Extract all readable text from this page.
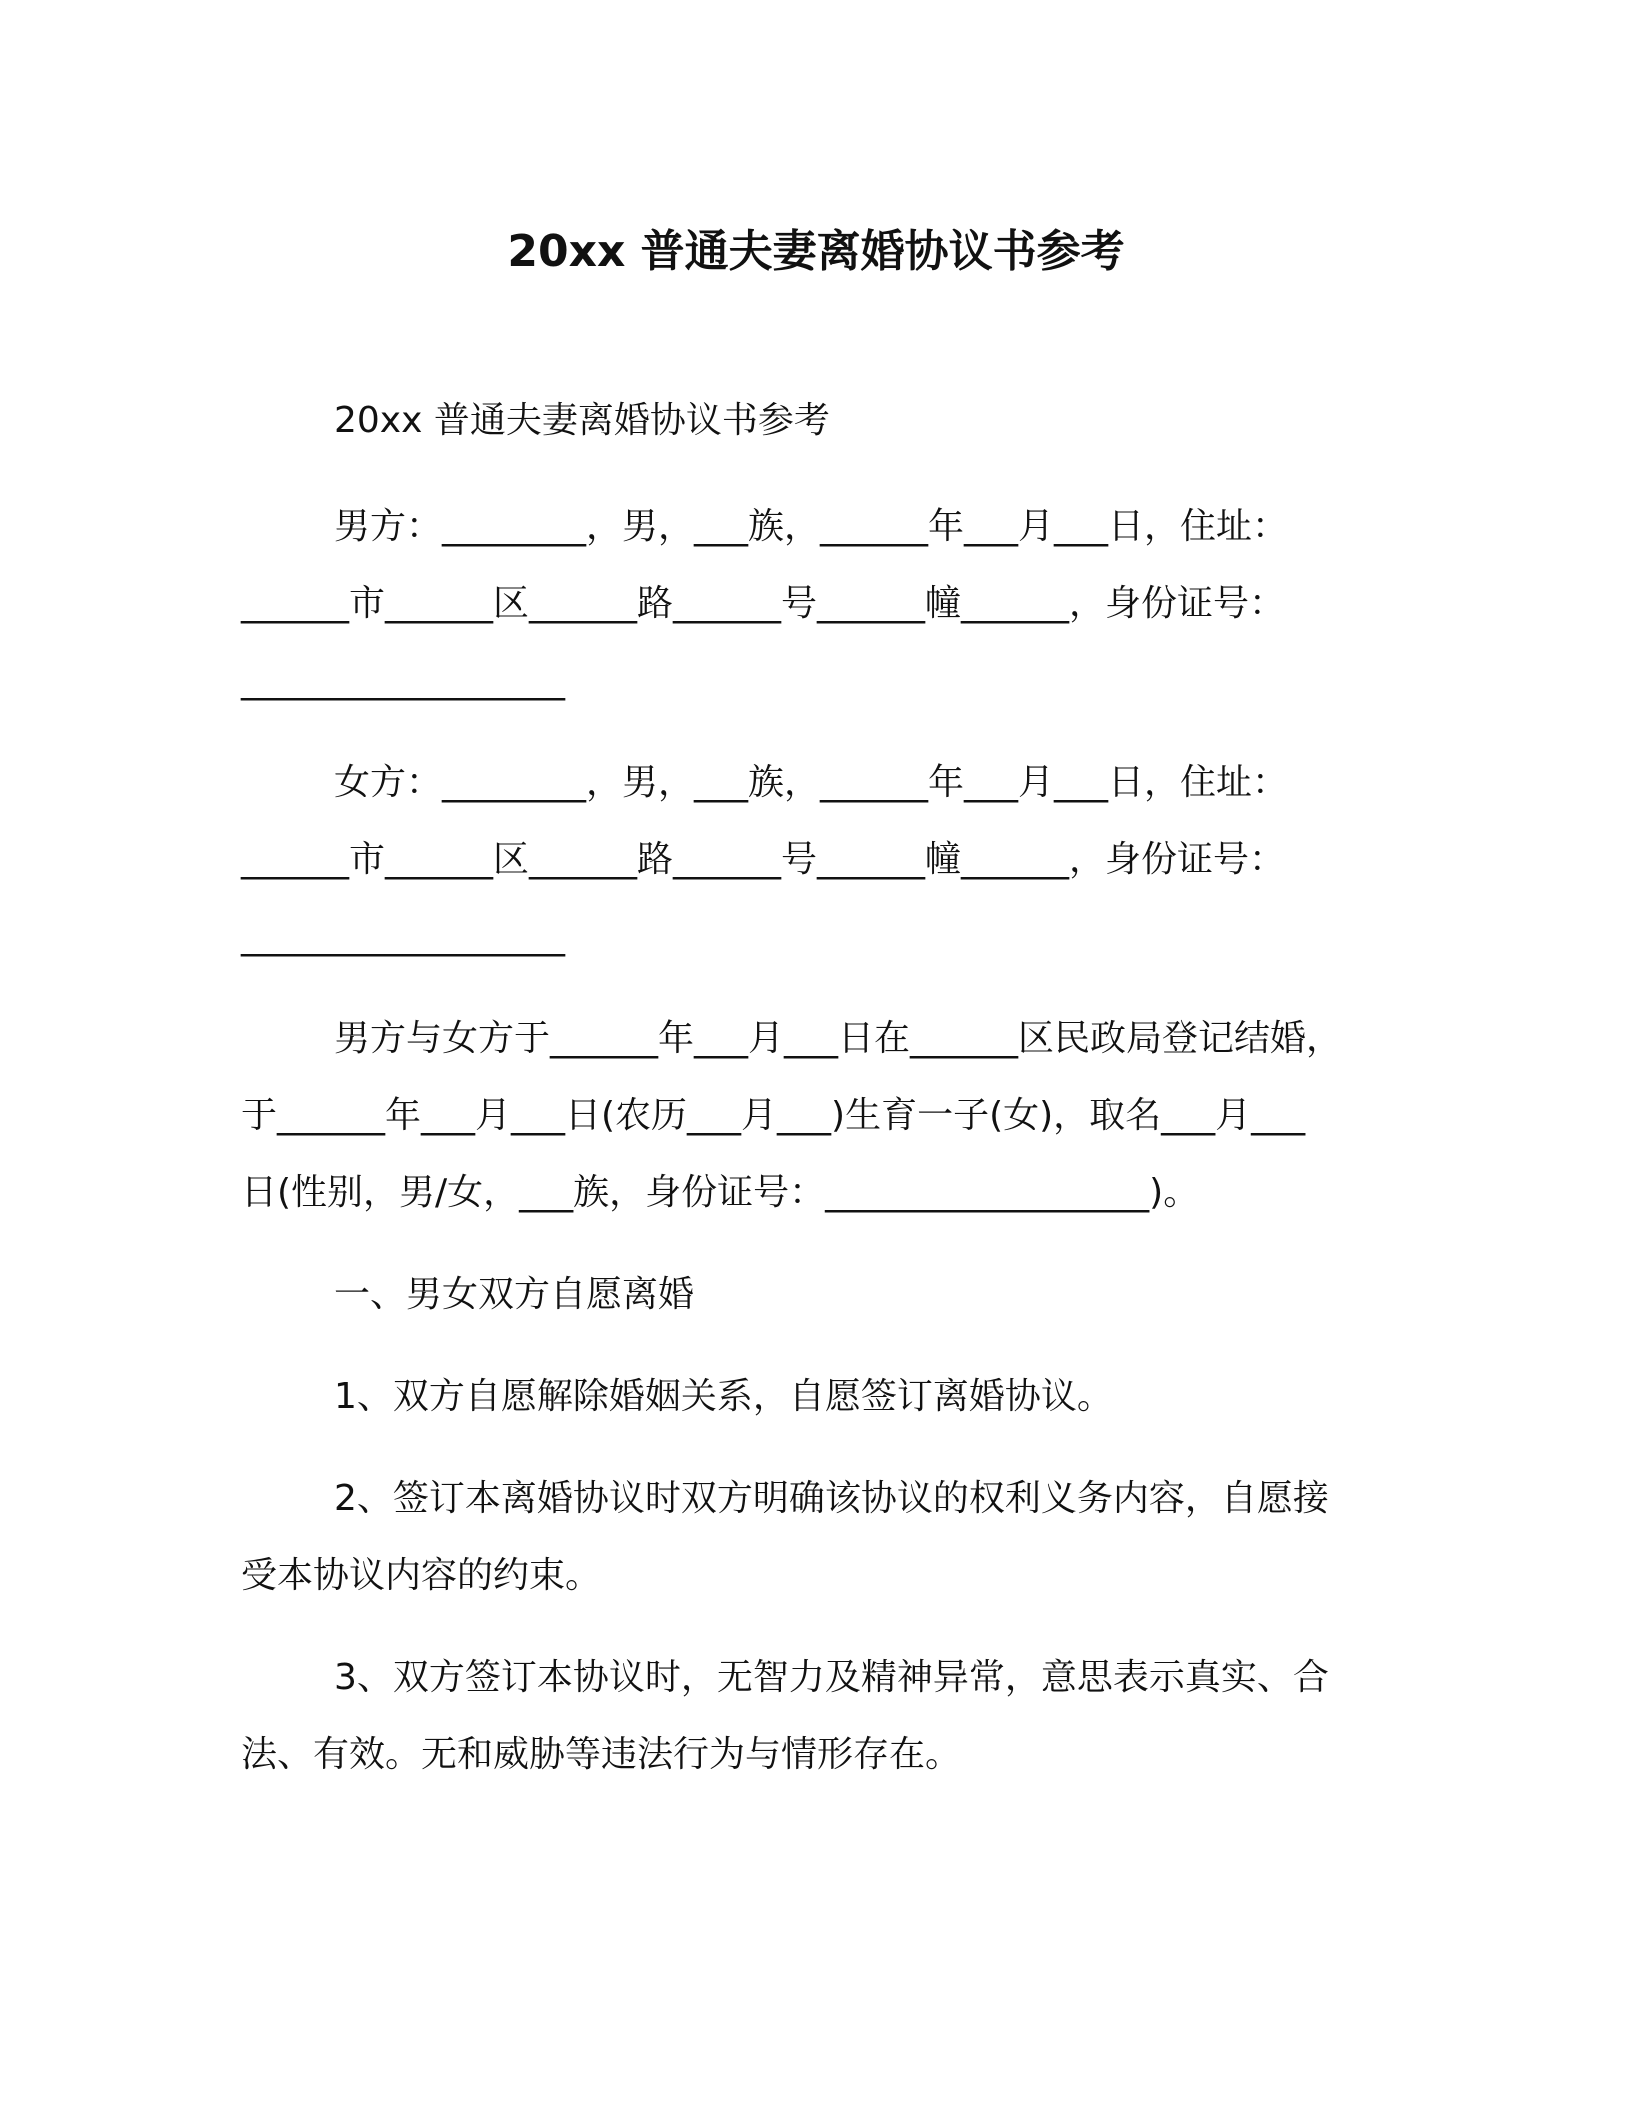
20xx 普通夫妻离婚协议书参考
20xx 普通夫妻离婚协议书参考
男方：________，男，___族，______年___月___日，住址：
______市______区______路______号______幢______，身份证号：
__________________
女方：________，男，___族，______年___月___日，住址：
______市______区______路______号______幢______，身份证号：
__________________
男方与女方于______年___月___日在______区民政局登记结婚，
于______年___月___日(农历___月___)生育一子(女)，取名___月___
日(性别，男/女，___族，身份证号：__________________)。
一、男女双方自愿离婚
1、双方自愿解除婚姻关系，自愿签订离婚协议。
2、签订本离婚协议时双方明确该协议的权利义务内容，自愿接
受本协议内容的约束。
3、双方签订本协议时，无智力及精神异常，意思表示真实、合
法、有效。无和威胁等违法行为与情形存在。
